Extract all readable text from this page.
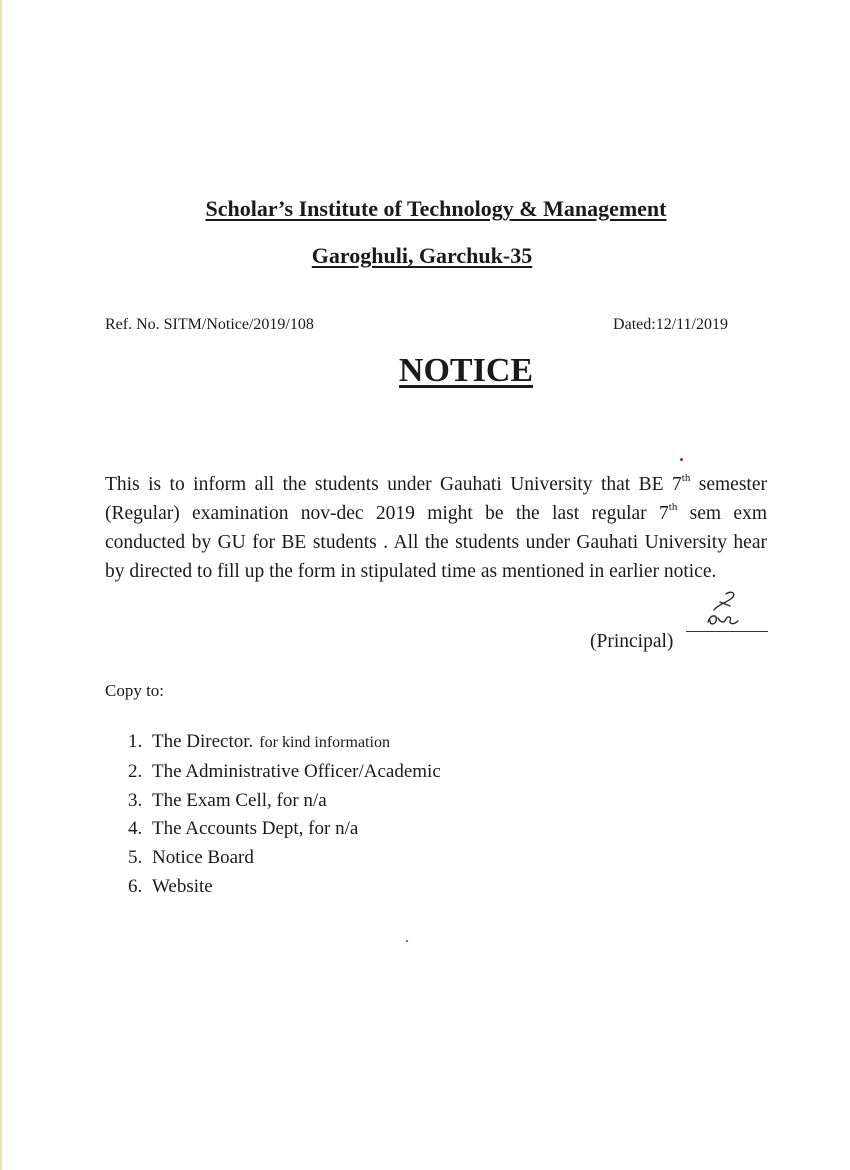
Scholar’s Institute of Technology & Management
Garoghuli, Garchuk-35
Ref. No. SITM/Notice/2019/108	Dated:12/11/2019
NOTICE
This is to inform all the students under Gauhati University that BE 7th semester (Regular) examination nov-dec 2019 might be the last regular 7th sem exm conducted by GU for BE students . All the students under Gauhati University hear by directed to fill up the form in stipulated time as mentioned in earlier notice.
(Principal)
Copy to:
1. The Director. for kind information
2. The Administrative Officer/Academic
3. The Exam Cell, for n/a
4. The Accounts Dept, for n/a
5. Notice Board
6. Website
